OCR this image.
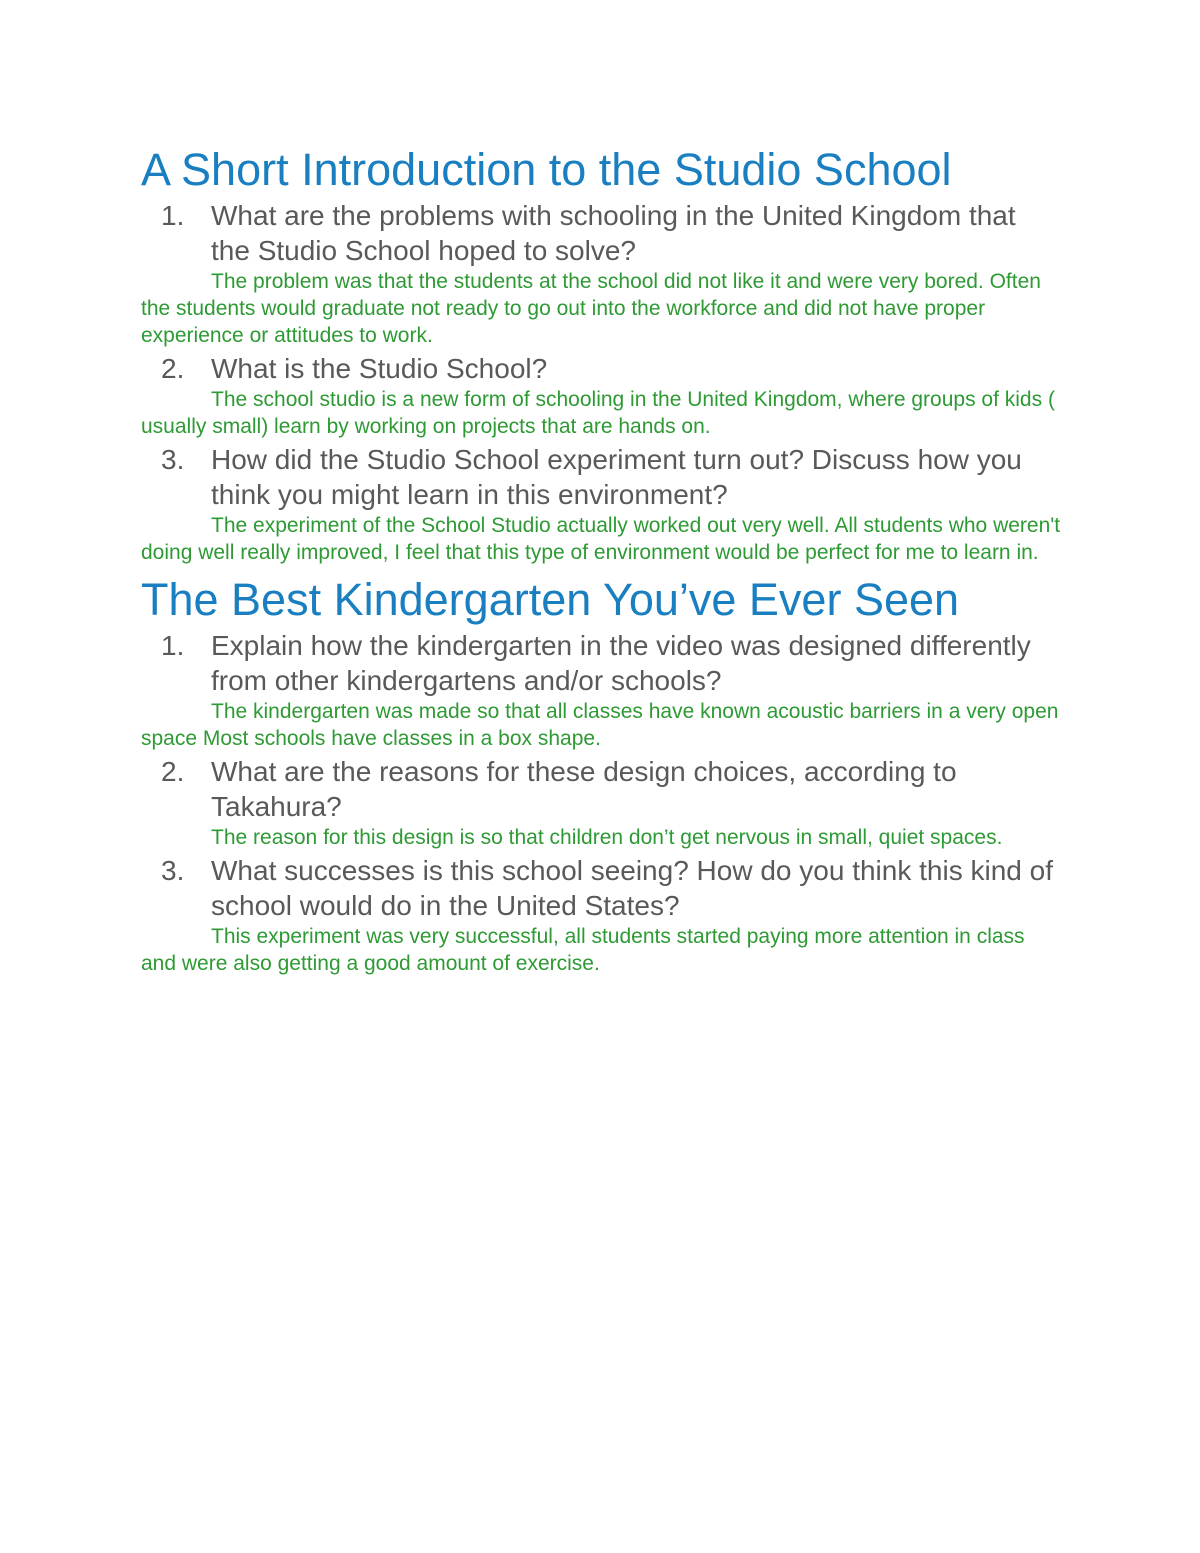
A Short Introduction to the Studio School

1. What are the problems with schooling in the United Kingdom that the Studio School hoped to solve?

The problem was that the students at the school did not like it and were very bored. Often the students would graduate not ready to go out into the workforce and did not have proper experience or attitudes to work.

2. What is the Studio School?

The school studio is a new form of schooling in the United Kingdom, where groups of kids ( usually small) learn by working on projects that are hands on.

3. How did the Studio School experiment turn out? Discuss how you think you might learn in this environment?

The experiment of the School Studio actually worked out very well. All students who weren't doing well really improved, I feel that this type of environment would be perfect for me to learn in.

The Best Kindergarten You’ve Ever Seen

1. Explain how the kindergarten in the video was designed differently from other kindergartens and/or schools?

The kindergarten was made so that all classes have known acoustic barriers in a very open space Most schools have classes in a box shape.

2. What are the reasons for these design choices, according to Takahura?

The reason for this design is so that children don’t get nervous in small, quiet spaces.

3. What successes is this school seeing? How do you think this kind of school would do in the United States?

This experiment was very successful, all students started paying more attention in class and were also getting a good amount of exercise.
